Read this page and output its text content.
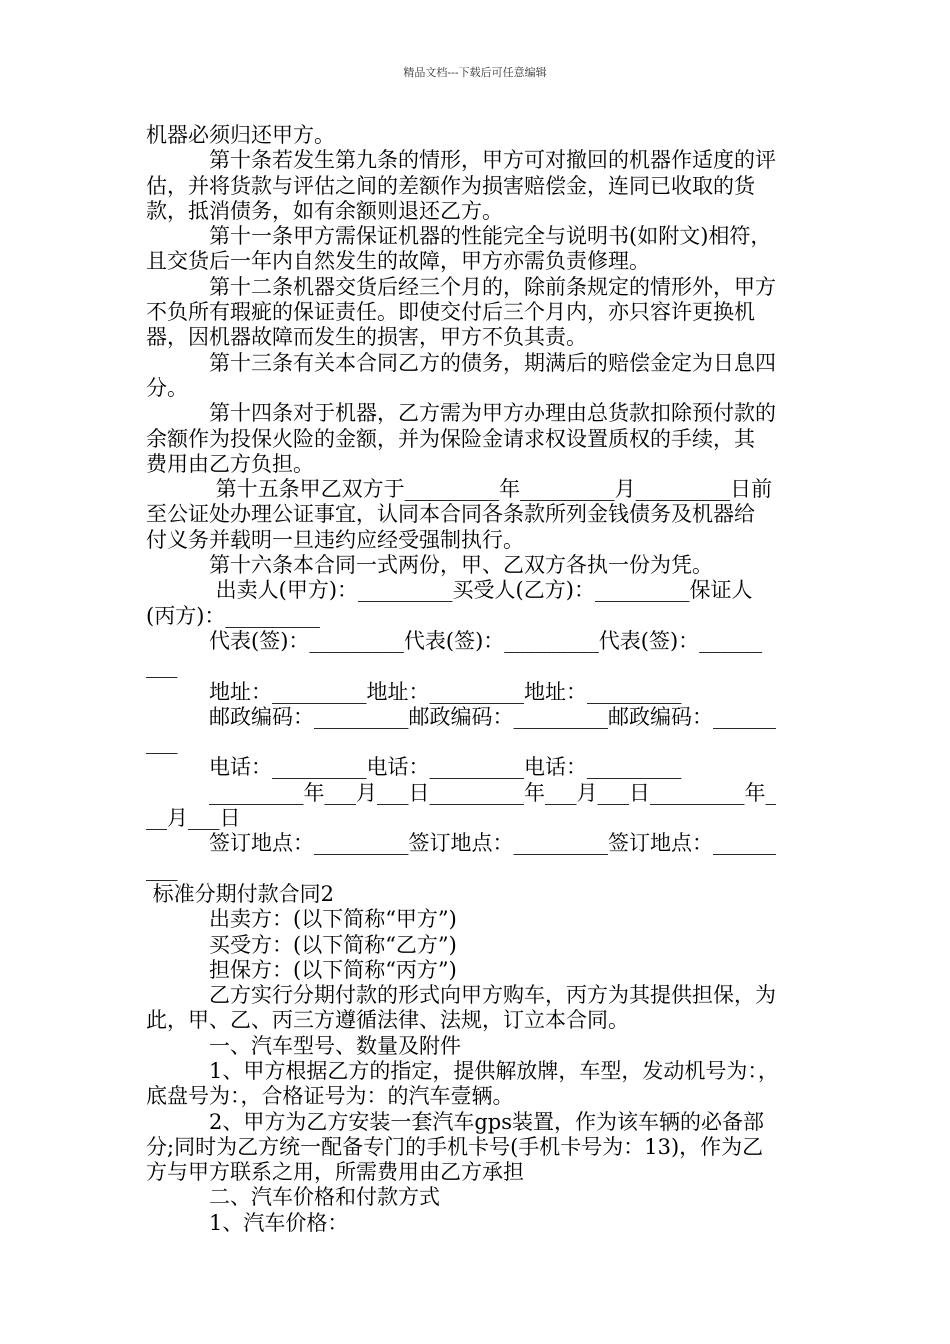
精品文档---下载后可任意编辑
机器必须归还甲方。
　　　第十条若发生第九条的情形，甲方可对撤回的机器作适度的评
估，并将货款与评估之间的差额作为损害赔偿金，连同已收取的货
款，抵消债务，如有余额则退还乙方。
　　　第十一条甲方需保证机器的性能完全与说明书(如附文)相符，
且交货后一年内自然发生的故障，甲方亦需负责修理。
　　　第十二条机器交货后经三个月的，除前条规定的情形外，甲方
不负所有瑕疵的保证责任。即使交付后三个月内，亦只容许更换机
器，因机器故障而发生的损害，甲方不负其责。
　　　第十三条有关本合同乙方的债务，期满后的赔偿金定为日息四
分。
　　　第十四条对于机器，乙方需为甲方办理由总货款扣除预付款的
余额作为投保火险的金额，并为保险金请求权设置质权的手续，其
费用由乙方负担。
　　　 第十五条甲乙双方于_________年_________月_________日前
至公证处办理公证事宜，认同本合同各条款所列金钱债务及机器给
付义务并载明一旦违约应经受强制执行。
　　　第十六条本合同一式两份，甲、乙双方各执一份为凭。
　　　 出卖人(甲方)：_________买受人(乙方)：_________保证人
(丙方)：_________
　　　代表(签)：_________代表(签)：_________代表(签)：______
___
　　　地址：_________地址：_________地址：_________
　　　邮政编码：_________邮政编码：_________邮政编码：______
___
　　　电话：_________电话：_________电话：_________
　　　_________年___月___日_________年___月___日_________年_
__月___日
　　　签订地点：_________签订地点：_________签订地点：______
___
标准分期付款合同2
　　　出卖方：(以下简称“甲方”)
　　　买受方：(以下简称“乙方”)
　　　担保方：(以下简称“丙方”)
　　　乙方实行分期付款的形式向甲方购车，丙方为其提供担保，为
此，甲、乙、丙三方遵循法律、法规，订立本合同。
　　　一、汽车型号、数量及附件
　　　1、甲方根据乙方的指定，提供解放牌，车型，发动机号为：，
底盘号为：，合格证号为：的汽车壹辆。
　　　2、甲方为乙方安装一套汽车gps装置，作为该车辆的必备部
分;同时为乙方统一配备专门的手机卡号(手机卡号为：13)，作为乙
方与甲方联系之用，所需费用由乙方承担
　　　二、汽车价格和付款方式
　　　1、汽车价格：
